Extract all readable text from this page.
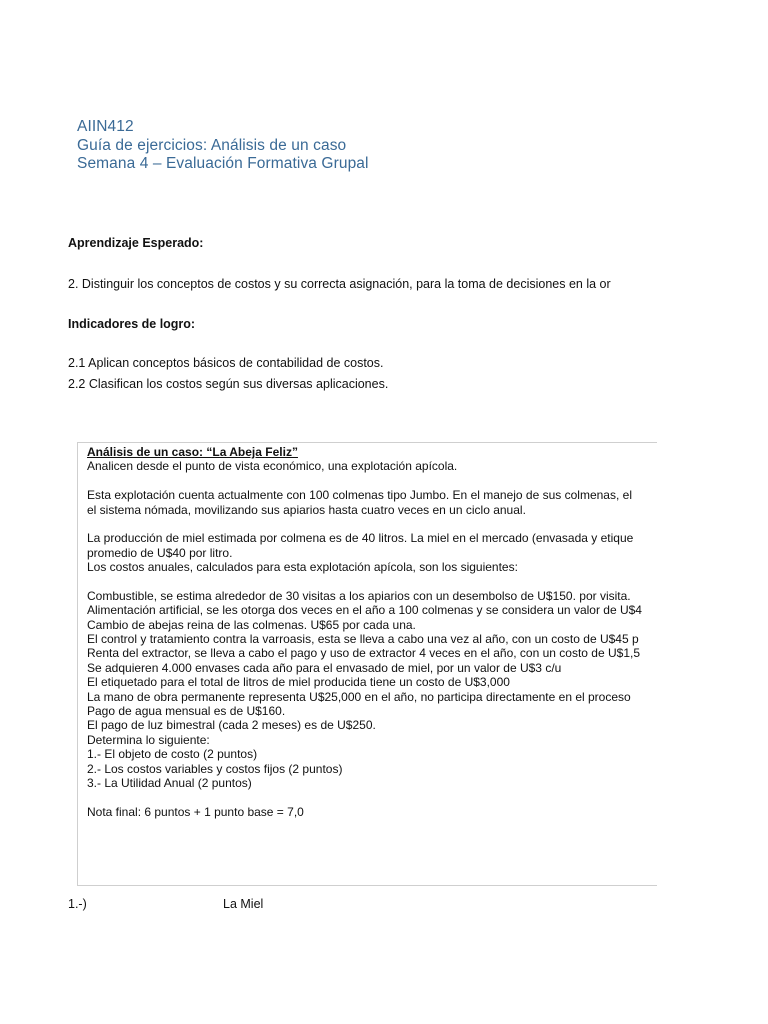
AIIN412
Guía de ejercicios: Análisis de un caso
Semana 4 – Evaluación Formativa Grupal
Aprendizaje Esperado:
2. Distinguir los conceptos de costos y su correcta asignación, para la toma de decisiones en la or
Indicadores de logro:
2.1 Aplican conceptos básicos de contabilidad de costos.
2.2 Clasifican los costos según sus diversas aplicaciones.
Análisis de un caso: “La Abeja Feliz”
Analicen desde el punto de vista económico, una explotación apícola.
Esta explotación cuenta actualmente con 100 colmenas tipo Jumbo. En el manejo de sus colmenas, el
el sistema nómada, movilizando sus apiarios hasta cuatro veces en un ciclo anual.
La producción de miel estimada por colmena es de 40 litros. La miel en el mercado (envasada y etique
promedio de U$40 por litro.
Los costos anuales, calculados para esta explotación apícola, son los siguientes:
Combustible, se estima alrededor de 30 visitas a los apiarios con un desembolso de U$150. por visita.
Alimentación artificial, se les otorga dos veces en el año a 100 colmenas y se considera un valor de U$4
Cambio de abejas reina de las colmenas. U$65 por cada una.
El control y tratamiento contra la varroasis, esta se lleva a cabo una vez al año, con un costo de U$45 p
Renta del extractor, se lleva a cabo el pago y uso de extractor 4 veces en el año, con un costo de U$1,5
Se adquieren 4.000 envases cada año para el envasado de miel, por un valor de U$3 c/u
El etiquetado para el total de litros de miel producida tiene un costo de U$3,000
La mano de obra permanente representa U$25,000 en el año, no participa directamente en el proceso
Pago de agua mensual es de U$160.
El pago de luz bimestral (cada 2 meses) es de U$250.
Determina lo siguiente:
1.- El objeto de costo (2 puntos)
2.- Los costos variables y costos fijos (2 puntos)
3.- La Utilidad Anual (2 puntos)
Nota final: 6 puntos + 1 punto base = 7,0
1.-)	La Miel
